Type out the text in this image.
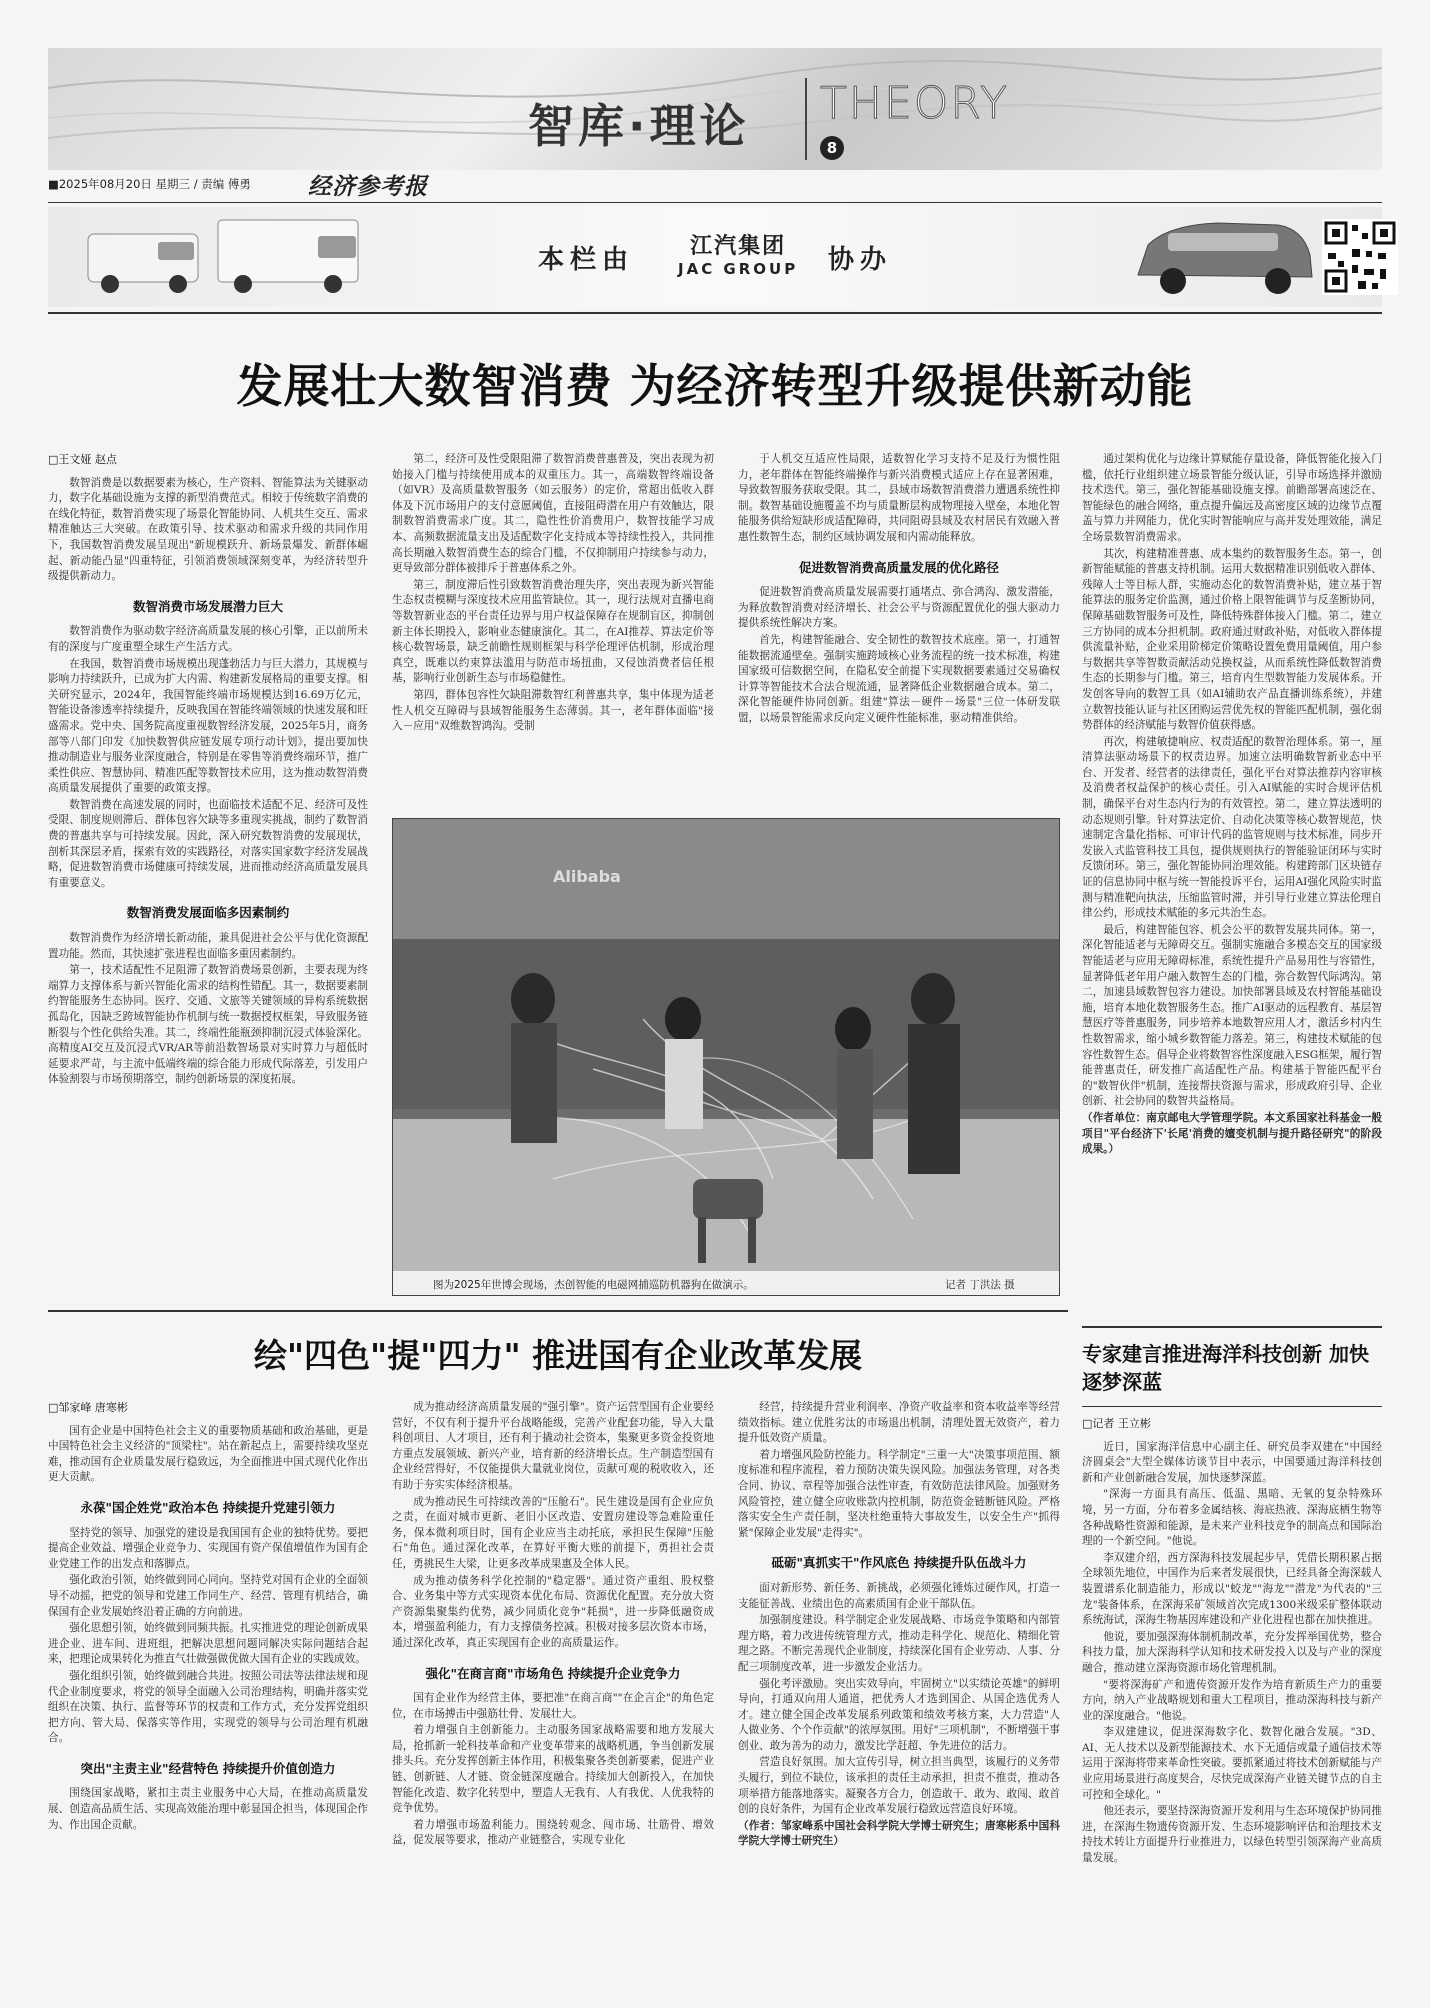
智库·理论 THEORY
8
■2025年08月20日 星期三 / 责编 傅勇 经济参考报
本栏由	江汽集团
JAC GROUP 协办
发展壮大数智消费 为经济转型升级提供新动能
□王文娅 赵点

数智消费是以数据要素为核心，生产资料、智能算法为关键驱动力，数字化基础设施为支撑的新型消费范式。相较于传统数字消费的在线化特征，数智消费实现了场景化智能协同、人机共生交互、需求精准触达三大突破。在政策引导、技术驱动和需求升级的共同作用下，我国数智消费发展呈现出"新规模跃升、新场景爆发、新群体崛起、新动能凸显"四重特征，引领消费领域深刻变革，为经济转型升级提供新动力。

数智消费市场发展潜力巨大

数智消费作为驱动数字经济高质量发展的核心引擎，正以前所未有的深度与广度重塑全球生产生活方式。

在我国，数智消费市场规模出现蓬勃活力与巨大潜力，其规模与影响力持续跃升，已成为扩大内需、构建新发展格局的重要支撑。相关研究显示，2024年，我国智能终端市场规模达到16.69万亿元，智能设备渗透率持续提升，反映我国在智能终端领域的快速发展和旺盛需求。党中央、国务院高度重视数智经济发展，2025年5月，商务部等八部门印发《加快数智供应链发展专项行动计划》，提出要加快推动制造业与服务业深度融合，特别是在零售等消费终端环节，推广柔性供应、智慧协同、精准匹配等数智技术应用，这为推动数智消费高质量发展提供了重要的政策支撑。

数智消费在高速发展的同时，也面临技术适配不足、经济可及性受限、制度规则滞后、群体包容欠缺等多重现实挑战，制约了数智消费的普惠共享与可持续发展。因此，深入研究数智消费的发展现状，剖析其深层矛盾，探索有效的实践路径，对落实国家数字经济发展战略，促进数智消费市场健康可持续发展，进而推动经济高质量发展具有重要意义。

数智消费发展面临多因素制约

数智消费作为经济增长新动能，兼具促进社会公平与优化资源配置功能。然而，其快速扩张进程也面临多重因素制约。

第一，技术适配性不足阻滞了数智消费场景创新，主要表现为终端算力支撑体系与新兴智能化需求的结构性错配。其一，数据要素制约智能服务生态协同。医疗、交通、文旅等关键领域的异构系统数据孤岛化，因缺乏跨域智能协作机制与统一数据授权框架，导致服务链断裂与个性化供给失准。其二，终端性能瓶颈抑制沉浸式体验深化。高精度AI交互及沉浸式VR/AR等前沿数智场景对实时算力与超低时延要求严苛，与主流中低端终端的综合能力形成代际落差，引发用户体验割裂与市场预期落空，制约创新场景的深度拓展。

第二，经济可及性受限阻滞了数智消费普惠普及，突出表现为初始接入门槛与持续使用成本的双重压力。其一，高端数智终端设备（如VR）及高质量数智服务（如云服务）的定价，常超出低收入群体及下沉市场用户的支付意愿阈值，直接阻碍潜在用户有效触达，限制数智消费需求广度。其二，隐性性价消费用户，数智技能学习成本、高频数据流量支出及适配数字化支持成本等持续性投入，共同推高长期融入数智消费生态的综合门槛，不仅抑制用户持续参与动力，更导致部分群体被排斥于普惠体系之外。

第三，制度滞后性引致数智消费治理失序，突出表现为新兴智能生态权责模糊与深度技术应用监管缺位。其一，现行法规对直播电商等数智新业态的平台责任边界与用户权益保障存在规制盲区，抑制创新主体长期投入，影响业态健康演化。其二，在AI推荐、算法定价等核心数智场景，缺乏前瞻性规则框架与科学伦理评估机制，形成治理真空，既难以约束算法滥用与防范市场扭曲，又侵蚀消费者信任根基，影响行业创新生态与市场稳健性。

第四，群体包容性欠缺阻滞数智红利普惠共享，集中体现为适老性人机交互障碍与县域智能服务生态薄弱。其一，老年群体面临"接入－应用"双维数智鸿沟。受制

于人机交互适应性局限，适数智化学习支持不足及行为惯性阻力，老年群体在智能终端操作与新兴消费模式适应上存在显著困难，导致数智服务获取受限。其二，县域市场数智消费潜力遭遇系统性抑制。数智基础设施覆盖不均与质量断层构成物理接入壁垒，本地化智能服务供给短缺形成适配障碍，共同阻碍县域及农村居民有效融入普惠性数智生态，制约区域协调发展和内需动能释放。

促进数智消费高质量发展的优化路径

促进数智消费高质量发展需要打通堵点、弥合鸿沟、激发潜能，为释放数智消费对经济增长、社会公平与资源配置优化的强大驱动力提供系统性解决方案。

首先，构建智能融合、安全韧性的数智技术底座。第一，打通智能数据流通壁垒。强制实施跨域核心业务流程的统一技术标准，构建国家级可信数据空间，在隐私安全前提下实现数据要素通过交易确权计算等智能技术合法合规流通，显著降低企业数据融合成本。第二，深化智能硬件协同创新。组建"算法－硬件－场景"三位一体研发联盟，以场景智能需求反向定义硬件性能标准，驱动精准供给。

通过架构优化与边缘计算赋能存量设备，降低智能化接入门槛，依托行业组织建立场景智能分级认证，引导市场选择并激励技术迭代。第三，强化智能基础设施支撑。前瞻部署高速泛在、智能绿色的融合网络，重点提升偏远及高密度区域的边缘节点覆盖与算力并网能力，优化实时智能响应与高并发处理效能，满足全场景数智消费需求。

其次，构建精准普惠、成本集约的数智服务生态。第一，创新智能赋能的普惠支持机制。运用大数据精准识别低收入群体、残障人士等目标人群，实施动态化的数智消费补贴，建立基于智能算法的服务定价监测，通过价格上限智能调节与反垄断协同，保障基础数智服务可及性，降低特殊群体接入门槛。第二，建立三方协同的成本分担机制。政府通过财政补贴，对低收入群体提供流量补贴，企业采用阶梯定价策略设置免费用量阈值，用户参与数据共享等智数贡献活动兑换权益，从而系统性降低数智消费生态的长期参与门槛。第三，培育内生型数智能力发展体系。开发创客导向的数智工具（如AI辅助农产品直播训练系统），并建立数智技能认证与社区团购运营优先权的智能匹配机制，强化弱势群体的经济赋能与数智价值获得感。

再次，构建敏捷响应、权责适配的数智治理体系。第一，厘清算法驱动场景下的权责边界。加速立法明确数智新业态中平台、开发者、经营者的法律责任，强化平台对算法推荐内容审核及消费者权益保护的核心责任。引入AI赋能的实时合规评估机制，确保平台对生态内行为的有效管控。第二，建立算法透明的动态规则引擎。针对算法定价、自动化决策等核心数智规范，快速制定含量化指标、可审计代码的监管规则与技术标准，同步开发嵌入式监管科技工具包，提供规则执行的智能验证闭环与实时反馈闭环。第三，强化智能协同治理效能。构建跨部门区块链存证的信息协同中枢与统一智能投诉平台，运用AI强化风险实时监测与精准靶向执法，压缩监管时滞，并引导行业建立算法伦理自律公约，形成技术赋能的多元共治生态。

最后，构建智能包容、机会公平的数智发展共同体。第一，深化智能适老与无障碍交互。强制实施融合多模态交互的国家级智能适老与应用无障碍标准，系统性提升产品易用性与容错性，显著降低老年用户融入数智生态的门槛，弥合数智代际鸿沟。第二，加速县域数智包容力建设。加快部署县域及农村智能基础设施，培育本地化数智服务生态。推广AI驱动的远程教育、基层智慧医疗等普惠服务，同步培养本地数智应用人才，激活乡村内生性数智需求，缩小城乡数智能力落差。第三，构建技术赋能的包容性数智生态。倡导企业将数智容性深度融入ESG框架，履行智能普惠责任，研发推广高适配性产品。构建基于智能匹配平台的"数智伙伴"机制，连接帮扶资源与需求，形成政府引导、企业创新、社会协同的数智共益格局。

（作者单位：南京邮电大学管理学院。本文系国家社科基金一般项目"平台经济下'长尾'消费的嬗变机制与提升路径研究"的阶段成果。）

Alibaba
图为2025年世博会现场，杰创智能的电磁网捕巡防机器狗在做演示。	记者 丁洪法 摄
绘"四色"提"四力" 推进国有企业改革发展
□邹家峰 唐寒彬

国有企业是中国特色社会主义的重要物质基础和政治基础，更是中国特色社会主义经济的"顶梁柱"。站在新起点上，需要持续攻坚克难，推动国有企业质量发展行稳致远，为全面推进中国式现代化作出更大贡献。

永葆"国企姓党"政治本色 持续提升党建引领力

坚持党的领导、加强党的建设是我国国有企业的独特优势。要把提高企业效益、增强企业竞争力、实现国有资产保值增值作为国有企业党建工作的出发点和落脚点。

强化政治引领，始终做到同心同向。坚持党对国有企业的全面领导不动摇，把党的领导和党建工作同生产、经营、管理有机结合，确保国有企业发展始终沿着正确的方向前进。

强化思想引领，始终做到同频共振。扎实推进党的理论创新成果进企业、进车间、进班组，把解决思想问题同解决实际问题结合起来，把理论成果转化为推直气壮做强做优做大国有企业的实践成效。

强化组织引领，始终做到融合共进。按照公司法等法律法规和现代企业制度要求，将党的领导全面融入公司治理结构，明确并落实党组织在决策、执行、监督等环节的权责和工作方式，充分发挥党组织把方向、管大局、保落实等作用，实现党的领导与公司治理有机融合。

突出"主责主业"经营特色 持续提升价值创造力

围绕国家战略，紧扣主责主业服务中心大局，在推动高质量发展、创造高品质生活、实现高效能治理中彰显国企担当，体现国企作为、作出国企贡献。

成为推动经济高质量发展的"强引擎"。资产运营型国有企业要经营好，不仅有利于提升平台战略能级，完善产业配套功能，导入大量科创项目、人才项目，还有利于撬动社会资本，集聚更多资金投资地方重点发展领域、新兴产业，培育新的经济增长点。生产制造型国有企业经营得好，不仅能提供大量就业岗位，贡献可观的税收收入，还有助于夯实实体经济根基。

成为推动民生可持续改善的"压舱石"。民生建设是国有企业应负之责，在面对城市更新、老旧小区改造、安置房建设等急难险重任务，保本微利项目时，国有企业应当主动托底，承担民生保障"压舱石"角色。通过深化改革，在算好平衡大账的前提下，勇担社会责任，勇挑民生大梁，让更多改革成果惠及全体人民。

成为推动债务科学化控制的"稳定器"。通过资产重组、股权整合、业务集中等方式实现资本优化布局、资源优化配置。充分放大资产资源集聚集约优势，减少同质化竞争"耗损"，进一步降低融资成本，增强盈利能力，有力支撑债务控减。积极对接多层次资本市场，通过深化改革，真正实现国有企业的高质量运作。

强化"在商言商"市场角色 持续提升企业竞争力

国有企业作为经营主体，要把准"在商言商""在企言企"的角色定位，在市场搏击中强筋壮骨、发展壮大。

着力增强自主创新能力。主动服务国家战略需要和地方发展大局，抢抓新一轮科技革命和产业变革带来的战略机遇，争当创新发展排头兵。充分发挥创新主体作用，积极集聚各类创新要素，促进产业链、创新链、人才链、资金链深度融合。持续加大创新投入，在加快智能化改造、数字化转型中，塑造人无我有、人有我优、人优我特的竞争优势。

着力增强市场盈利能力。围绕转观念、闯市场、壮筋骨、增效益，促发展等要求，推动产业链整合，实现专业化

经营，持续提升营业利润率、净资产收益率和资本收益率等经营绩效指标。建立优胜劣汰的市场退出机制，清理处置无效资产，着力提升低效资产质量。

着力增强风险防控能力。科学制定"三重一大"决策事项范围、额度标准和程序流程，着力预防决策失误风险。加强法务管理，对各类合同、协议、章程等加强合法性审查，有效防范法律风险。加强财务风险管控，建立健全应收账款内控机制，防范资金链断链风险。严格落实安全生产责任制，坚决杜绝重特大事故发生，以安全生产"抓得紧"保障企业发展"走得实"。

砥砺"真抓实干"作风底色 持续提升队伍战斗力

面对新形势、新任务、新挑战，必须强化锤炼过硬作风，打造一支能征善战、业绩出色的高素质国有企业干部队伍。

加强制度建设。科学制定企业发展战略、市场竞争策略和内部管理方略，着力改进传统管理方式，推动走科学化、规范化、精细化管理之路。不断完善现代企业制度，持续深化国有企业劳动、人事、分配三项制度改革，进一步激发企业活力。

强化考评激励。突出实效导向，牢固树立"以实绩论英雄"的鲜明导向，打通双向用人通道，把优秀人才选到国企、从国企选优秀人才。建立健全国企改革发展系列政策和绩效考核方案，大力营造"人人做业务、个个作贡献"的浓厚氛围。用好"三项机制"，不断增强干事创业、敢为善为的动力，激发比学赶超、争先进位的活力。

营造良好氛围。加大宣传引导，树立担当典型，该履行的义务带头履行，到位不缺位，该承担的责任主动承担，担责不推责，推动各项举措方能落地落实。凝聚各方合力，创造敢干、敢为、敢闯、敢首创的良好条件，为国有企业改革发展行稳致远营造良好环境。

（作者：邹家峰系中国社会科学院大学博士研究生；唐寒彬系中国科学院大学博士研究生）

专家建言推进海洋科技创新 加快逐梦深蓝
□记者 王立彬

近日，国家海洋信息中心副主任、研究员李双建在"中国经济圆桌会"大型全媒体访谈节目中表示，中国要通过海洋科技创新和产业创新融合发展，加快逐梦深蓝。

"深海一方面具有高压、低温、黑暗、无氧的复杂特殊环境，另一方面，分布着多金属结核、海底热液、深海底栖生物等各种战略性资源和能源，是未来产业科技竞争的制高点和国际治理的一个新空间。"他说。

李双建介绍，西方深海科技发展起步早，凭借长期积累占据全球领先地位，中国作为后来者发展很快，已经具备全海深载人装置谱系化制造能力，形成以"蛟龙""海龙""潜龙"为代表的"三龙"装备体系，在深海采矿领域首次完成1300米级采矿整体联动系统海试，深海生物基因库建设和产业化进程也都在加快推进。

他说，要加强深海体制机制改革，充分发挥举国优势，整合科技力量，加大深海科学认知和技术研发投入以及与产业的深度融合，推动建立深海资源市场化管理机制。

"要将深海矿产和遗传资源开发作为培育新质生产力的重要方向，纳入产业战略规划和重大工程项目，推动深海科技与新产业的深度融合。"他说。

李双建建议，促进深海数字化、数智化融合发展。"3D、AI、无人技术以及新型能源技术、水下无通信或量子通信技术等运用于深海将带来革命性突破。要抓紧通过将技术创新赋能与产业应用场景进行高度契合，尽快完成深海产业链关键节点的自主可控和全球化。"

他还表示，要坚持深海资源开发利用与生态环境保护协同推进，在深海生物遗传资源开发、生态环境影响评估和治理技术支持技术转让方面提升行业推进力，以绿色转型引领深海产业高质量发展。
